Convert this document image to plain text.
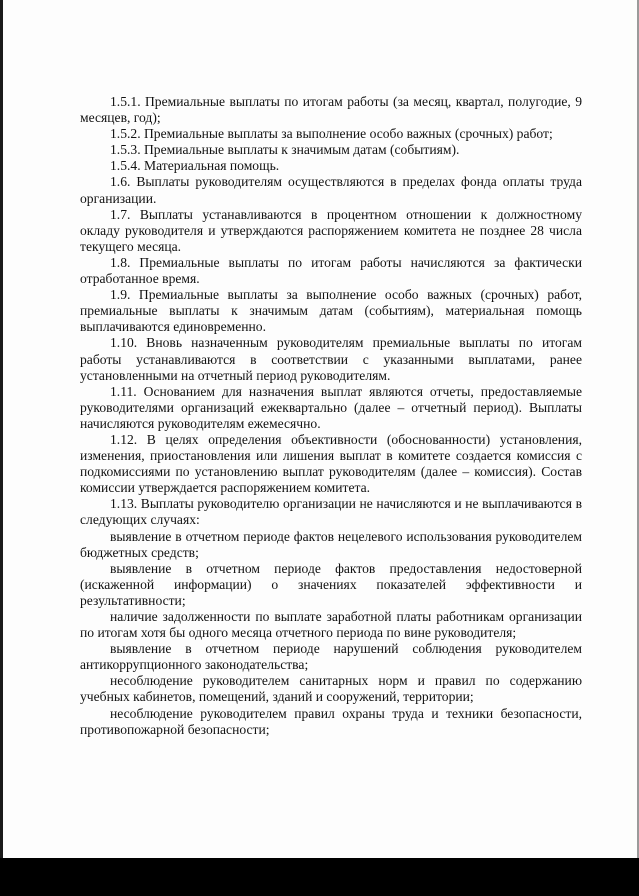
1.5.1. Премиальные выплаты по итогам работы (за месяц, квартал, полугодие, 9 месяцев, год);

1.5.2. Премиальные выплаты за выполнение особо важных (срочных) работ;

1.5.3. Премиальные выплаты к значимым датам (событиям).

1.5.4. Материальная помощь.

1.6. Выплаты руководителям осуществляются в пределах фонда оплаты труда организации.

1.7. Выплаты устанавливаются в процентном отношении к должностному окладу руководителя и утверждаются распоряжением комитета не позднее 28 числа текущего месяца.

1.8. Премиальные выплаты по итогам работы начисляются за фактически отработанное время.

1.9. Премиальные выплаты за выполнение особо важных (срочных) работ, премиальные выплаты к значимым датам (событиям), материальная помощь выплачиваются единовременно.

1.10. Вновь назначенным руководителям премиальные выплаты по итогам работы устанавливаются в соответствии с указанными выплатами, ранее установленными на отчетный период руководителям.

1.11. Основанием для назначения выплат являются отчеты, предоставляемые руководителями организаций ежеквартально (далее – отчетный период). Выплаты начисляются руководителям ежемесячно.

1.12. В целях определения объективности (обоснованности) установления, изменения, приостановления или лишения выплат в комитете создается комиссия с подкомиссиями по установлению выплат руководителям (далее – комиссия). Состав комиссии утверждается распоряжением комитета.

1.13. Выплаты руководителю организации не начисляются и не выплачиваются в следующих случаях:

выявление в отчетном периоде фактов нецелевого использования руководителем бюджетных средств;

выявление в отчетном периоде фактов предоставления недостоверной (искаженной информации) о значениях показателей эффективности и результативности;

наличие задолженности по выплате заработной платы работникам организации по итогам хотя бы одного месяца отчетного периода по вине руководителя;

выявление в отчетном периоде нарушений соблюдения руководителем антикоррупционного законодательства;

несоблюдение руководителем санитарных норм и правил по содержанию учебных кабинетов, помещений, зданий и сооружений, территории;

несоблюдение руководителем правил охраны труда и техники безопасности, противопожарной безопасности;
